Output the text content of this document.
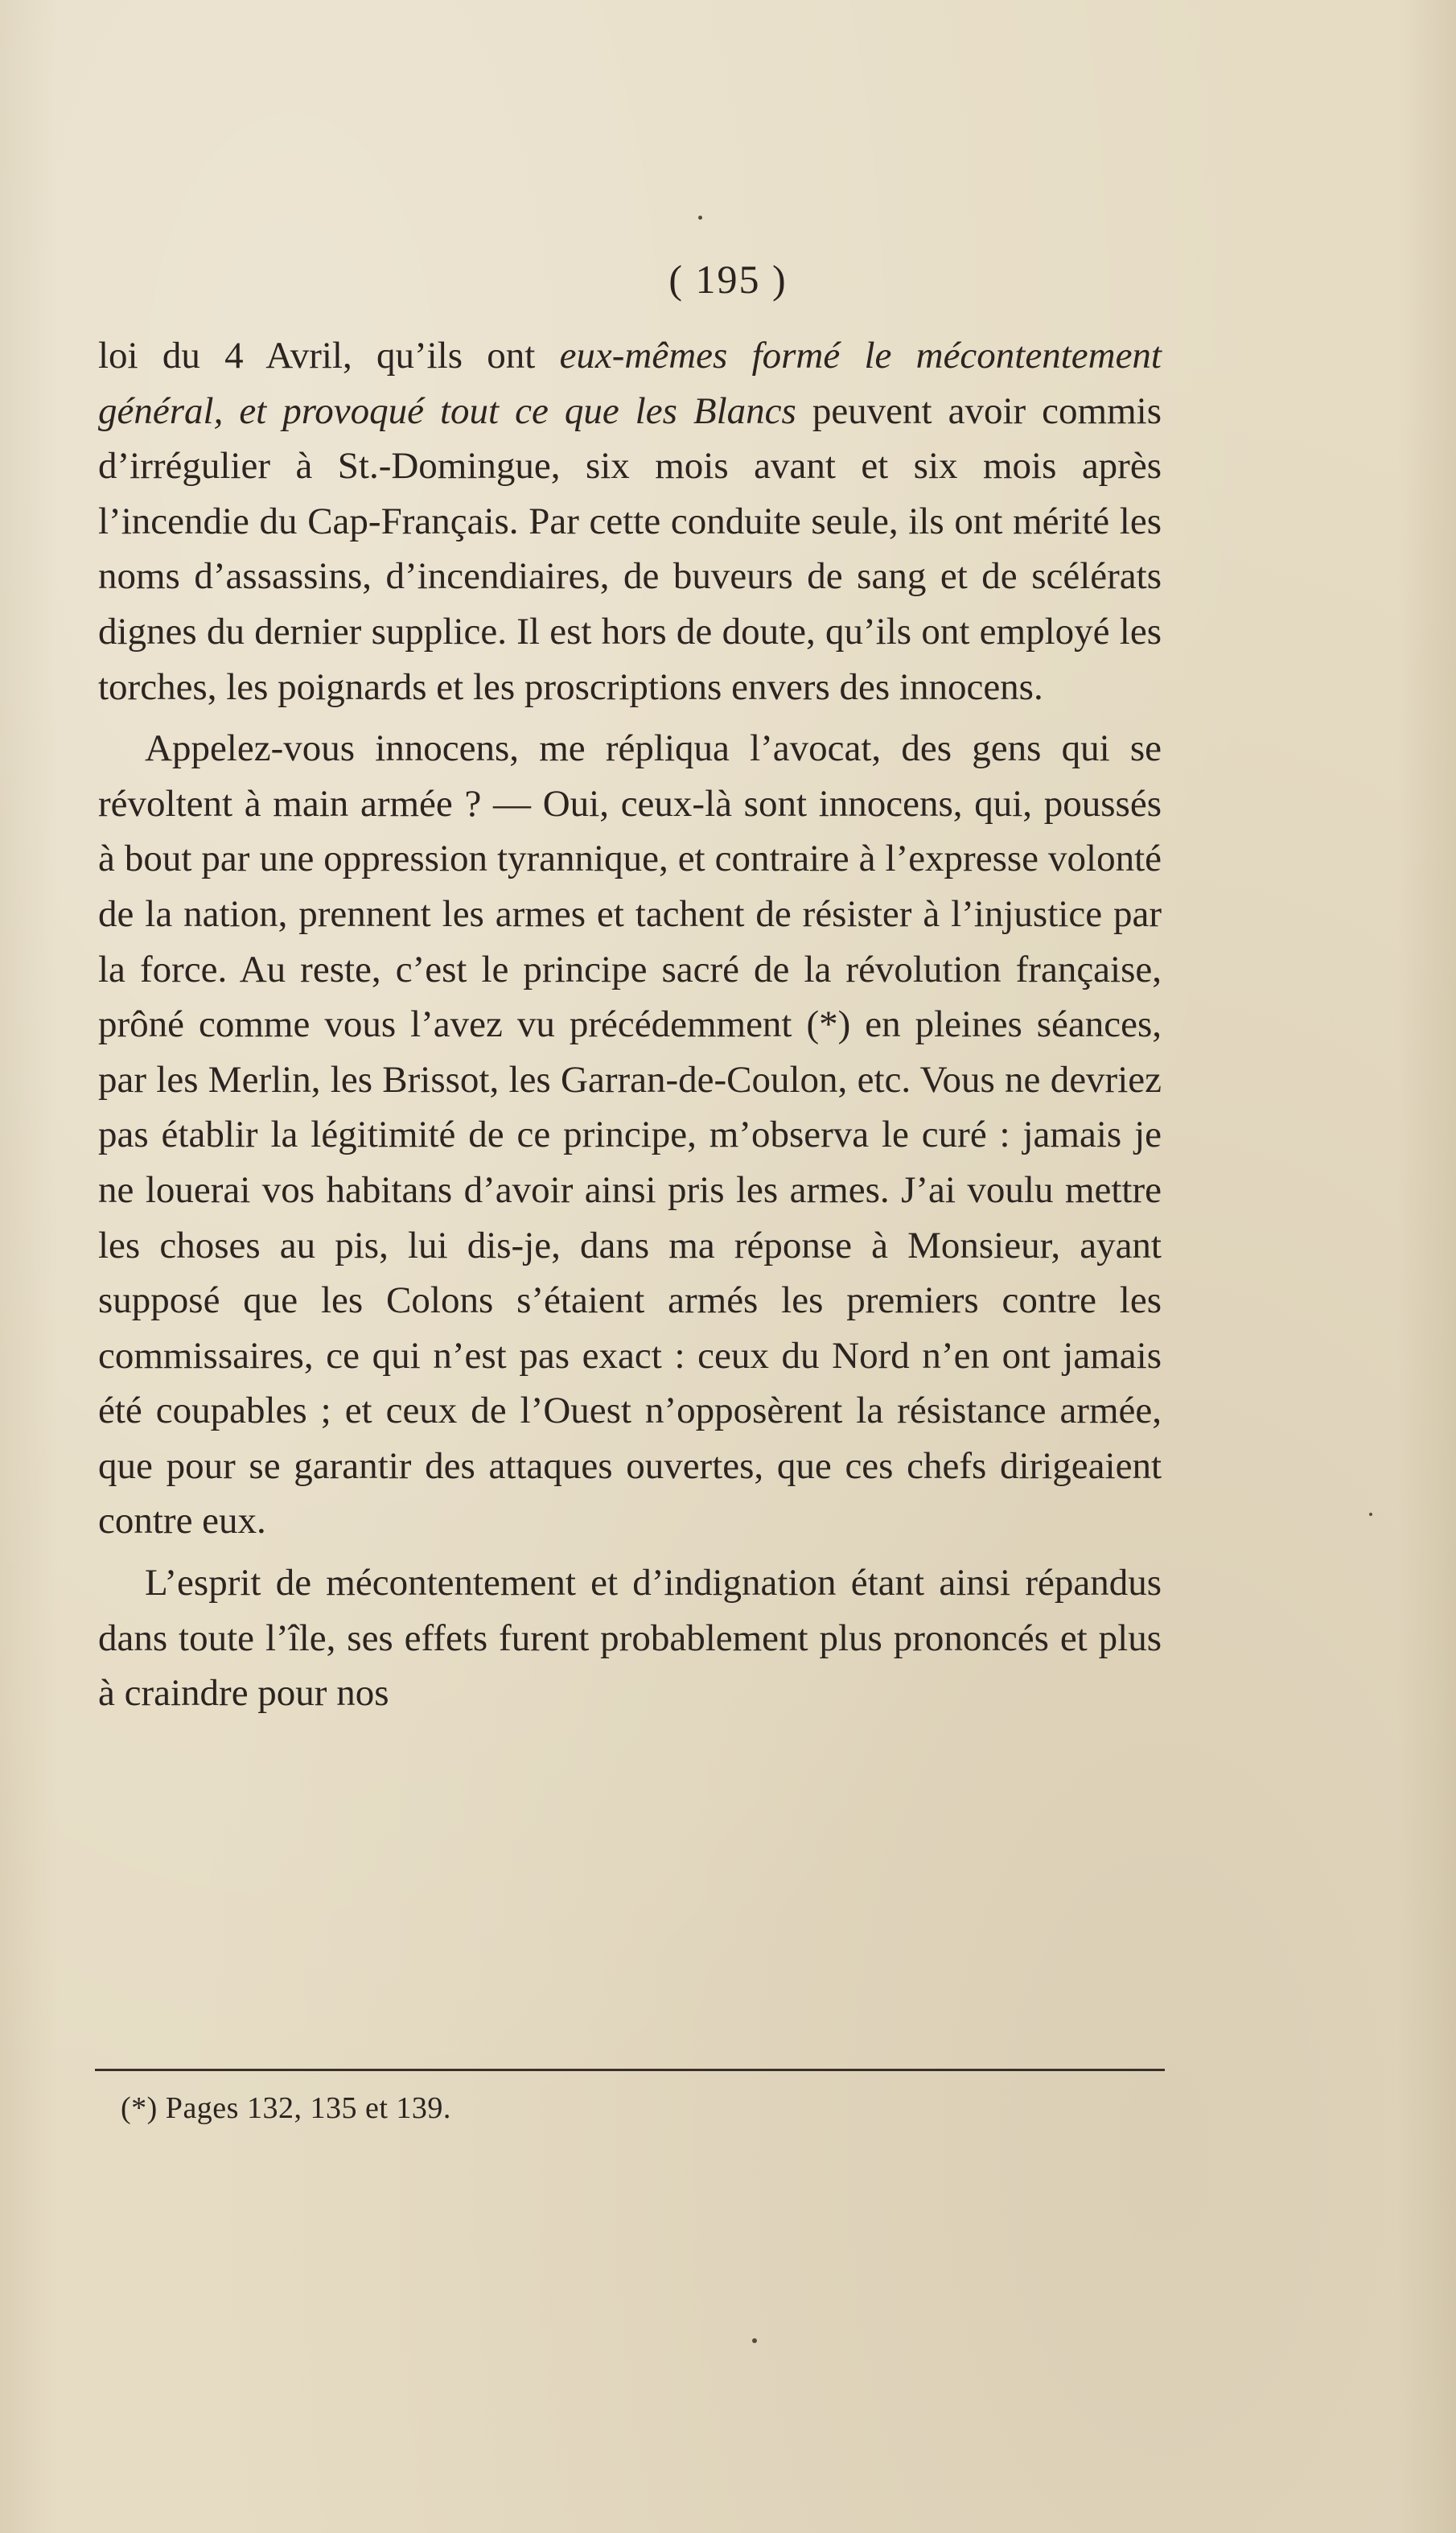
( 195 )

loi du 4 Avril, qu’ils ont eux-mêmes formé le mécontentement général, et provoqué tout ce que les Blancs peuvent avoir commis d’irrégulier à St.-Domingue, six mois avant et six mois après l’incendie du Cap-Français. Par cette conduite seule, ils ont mérité les noms d’assassins, d’incendiaires, de buveurs de sang et de scélérats dignes du dernier supplice. Il est hors de doute, qu’ils ont employé les torches, les poignards et les proscriptions envers des innocens.

Appelez-vous innocens, me répliqua l’avocat, des gens qui se révoltent à main armée ? — Oui, ceux-là sont innocens, qui, poussés à bout par une oppression tyrannique, et contraire à l’expresse volonté de la nation, prennent les armes et tachent de résister à l’injustice par la force. Au reste, c’est le principe sacré de la révolution française, prôné comme vous l’avez vu précédemment (*) en pleines séances, par les Merlin, les Brissot, les Garran-de-Coulon, etc. Vous ne devriez pas établir la légitimité de ce principe, m’observa le curé : jamais je ne louerai vos habitans d’avoir ainsi pris les armes. J’ai voulu mettre les choses au pis, lui dis-je, dans ma réponse à Monsieur, ayant supposé que les Colons s’étaient armés les premiers contre les commissaires, ce qui n’est pas exact : ceux du Nord n’en ont jamais été coupables ; et ceux de l’Ouest n’opposèrent la résistance armée, que pour se garantir des attaques ouvertes, que ces chefs dirigeaient contre eux.

L’esprit de mécontentement et d’indignation étant ainsi répandus dans toute l’île, ses effets furent probablement plus prononcés et plus à craindre pour nos

(*) Pages 132, 135 et 139.
